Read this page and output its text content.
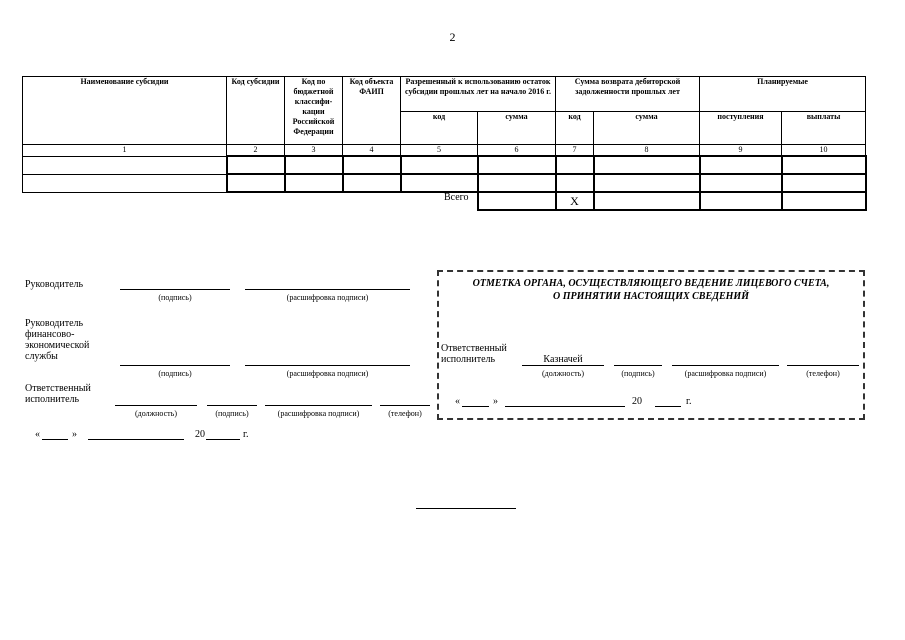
2
Наименование субсидии	Код субсидии	Код по бюджетной классифи-кации Российской Федерации	Код объекта ФАИП	Разрешенный к использованию остаток субсидии прошлых лет на начало 2016 г.		Сумма возврата дебиторской задолженности прошлых лет		Планируемые	
				код	сумма	код	сумма	поступления	выплаты
1	2	3	4	5	6	7	8	9	10

				Всего		X			
Руководитель
(подпись)	(расшифровка подписи)
Руководитель финансово-экономической службы
(подпись)	(расшифровка подписи)
Ответственный исполнитель
(должность)	(подпись)	(расшифровка подписи)	(телефон)
«	»	20	г.
ОТМЕТКА ОРГАНА, ОСУЩЕСТВЛЯЮЩЕГО ВЕДЕНИЕ ЛИЦЕВОГО СЧЕТА,
О ПРИНЯТИИ НАСТОЯЩИХ СВЕДЕНИЙ
Ответственный исполнитель	Казначей
(должность)	(подпись)	(расшифровка подписи)	(телефон)
«	»	20	г.
